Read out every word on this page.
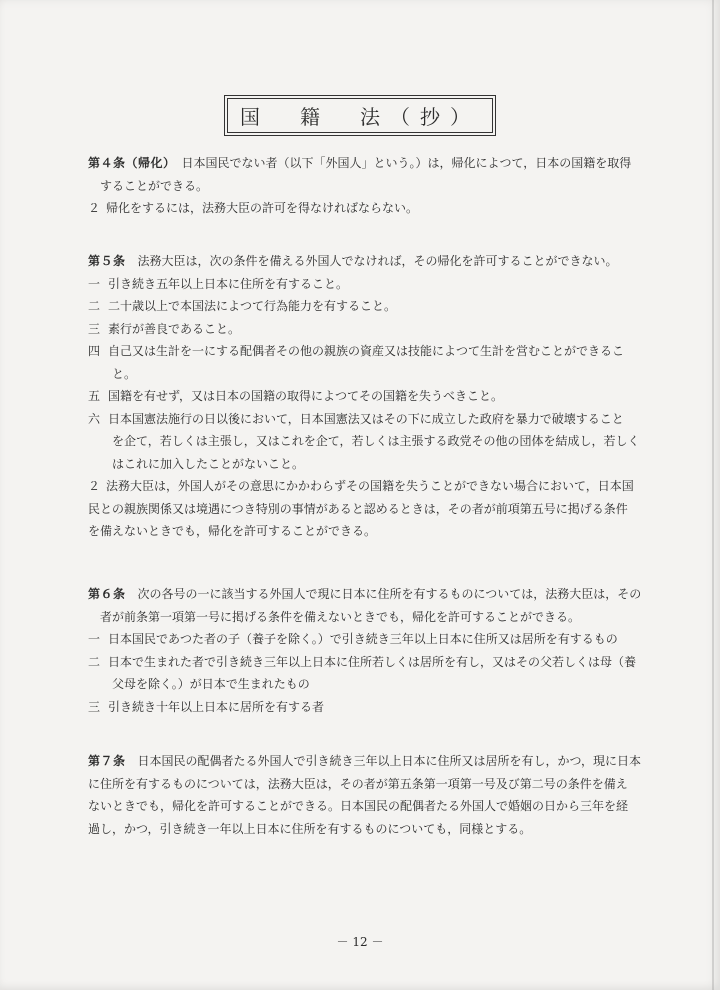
国　籍　法（抄）

第４条（帰化）　 日本国民でない者（以下「外国人」という。）は，帰化によつて，日本の国籍を取得

することができる。

２ 帰化をするには，法務大臣の許可を得なければならない。

第５条　 法務大臣は，次の条件を備える外国人でなければ，その帰化を許可することができない。

一 引き続き五年以上日本に住所を有すること。

二 二十歳以上で本国法によつて行為能力を有すること。

三 素行が善良であること。

四 自己又は生計を一にする配偶者その他の親族の資産又は技能によつて生計を営むことができるこ

と。

五 国籍を有せず，又は日本の国籍の取得によつてその国籍を失うべきこと。

六 日本国憲法施行の日以後において，日本国憲法又はその下に成立した政府を暴力で破壊すること

を企て，若しくは主張し，又はこれを企て，若しくは主張する政党その他の団体を結成し，若しく

はこれに加入したことがないこと。

２ 法務大臣は，外国人がその意思にかかわらずその国籍を失うことができない場合において，日本国

民との親族関係又は境遇につき特別の事情があると認めるときは，その者が前項第五号に掲げる条件

を備えないときでも，帰化を許可することができる。

第６条　 次の各号の一に該当する外国人で現に日本に住所を有するものについては，法務大臣は，その

者が前条第一項第一号に掲げる条件を備えないときでも，帰化を許可することができる。

一 日本国民であつた者の子（養子を除く。）で引き続き三年以上日本に住所又は居所を有するもの

二 日本で生まれた者で引き続き三年以上日本に住所若しくは居所を有し，又はその父若しくは母（養

父母を除く。）が日本で生まれたもの

三 引き続き十年以上日本に居所を有する者

第７条　 日本国民の配偶者たる外国人で引き続き三年以上日本に住所又は居所を有し，かつ，現に日本

に住所を有するものについては，法務大臣は，その者が第五条第一項第一号及び第二号の条件を備え

ないときでも，帰化を許可することができる。日本国民の配偶者たる外国人で婚姻の日から三年を経

過し，かつ，引き続き一年以上日本に住所を有するものについても，同様とする。

－ 12 －
